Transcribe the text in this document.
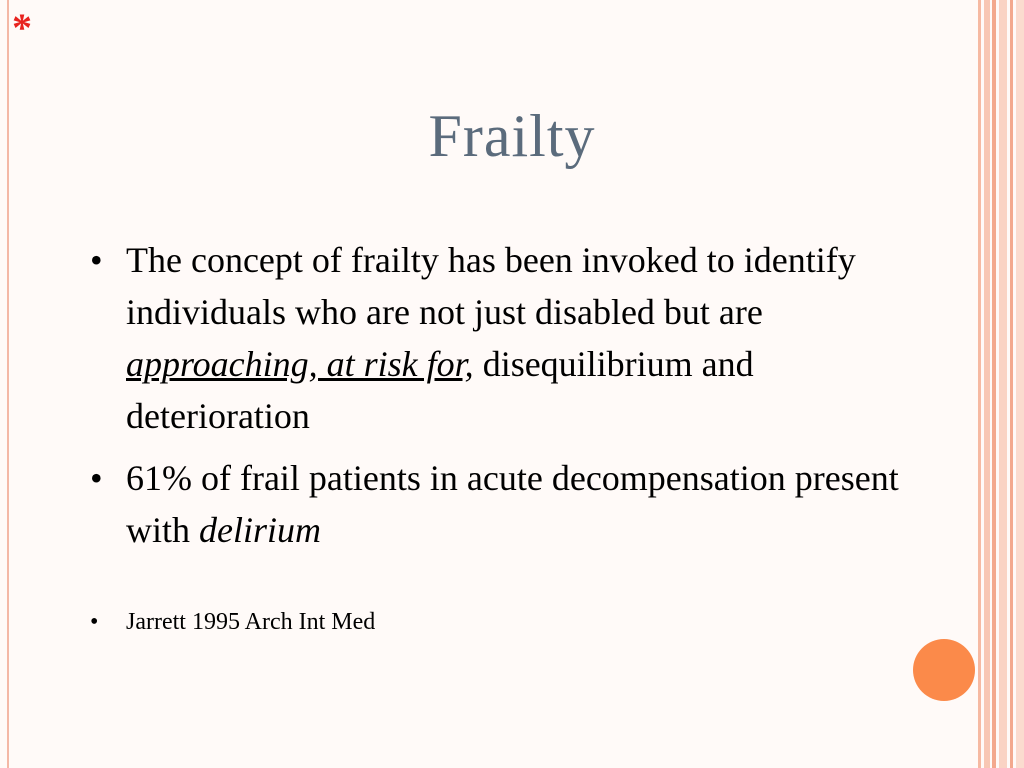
*
Frailty
• The concept of frailty has been invoked to identify individuals who are not just disabled but are approaching, at risk for, disequilibrium and deterioration
• 61% of frail patients in acute decompensation present with delirium
• Jarrett 1995 Arch Int Med
